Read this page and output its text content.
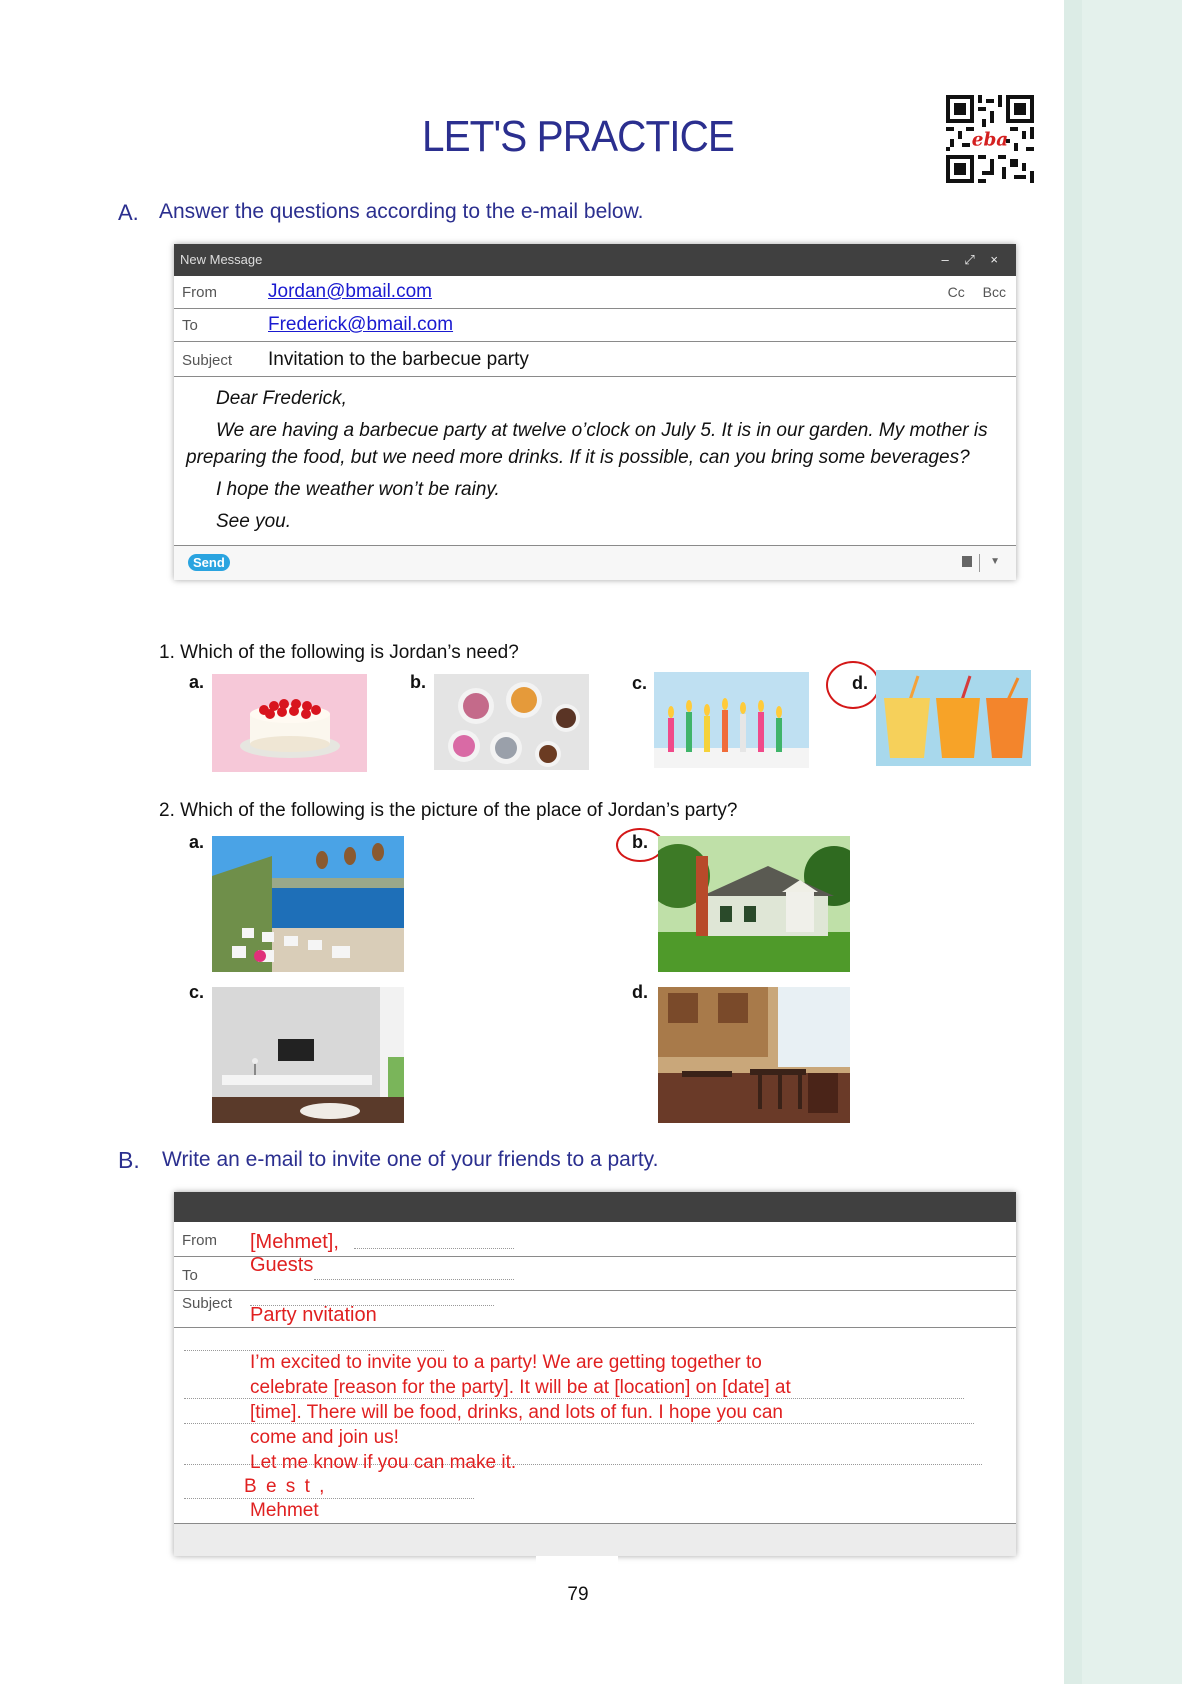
LET'S PRACTICE	eba
A. Answer the questions according to the e-mail below.
New Message	– ⤢ ×
From	Jordan@bmail.com	Cc Bcc
To	Frederick@bmail.com
Subject Invitation to the barbecue party

Dear Frederick,

We are having a barbecue party at twelve o’clock on July 5. It is in our garden. My mother is preparing the food, but we need more drinks. If it is possible, can you bring some beverages?

I hope the weather won’t be rainy.

See you.

Send	▼
1. Which of the following is Jordan’s need?
a.	b.	c.	d.
2. Which of the following is the picture of the place of Jordan’s party?
a.	b.
c.	d.
B. Write an e-mail to invite one of your friends to a party.
From [Mehmet],
To	Guests
Subject
Party nvitation
I’m excited to invite you to a party! We are getting together to
celebrate [reason for the party]. It will be at [location] on [date] at
[time]. There will be food, drinks, and lots of fun. I hope you can
come and join us!
Let me know if you can make it.
B e s t ,
Mehmet
79
